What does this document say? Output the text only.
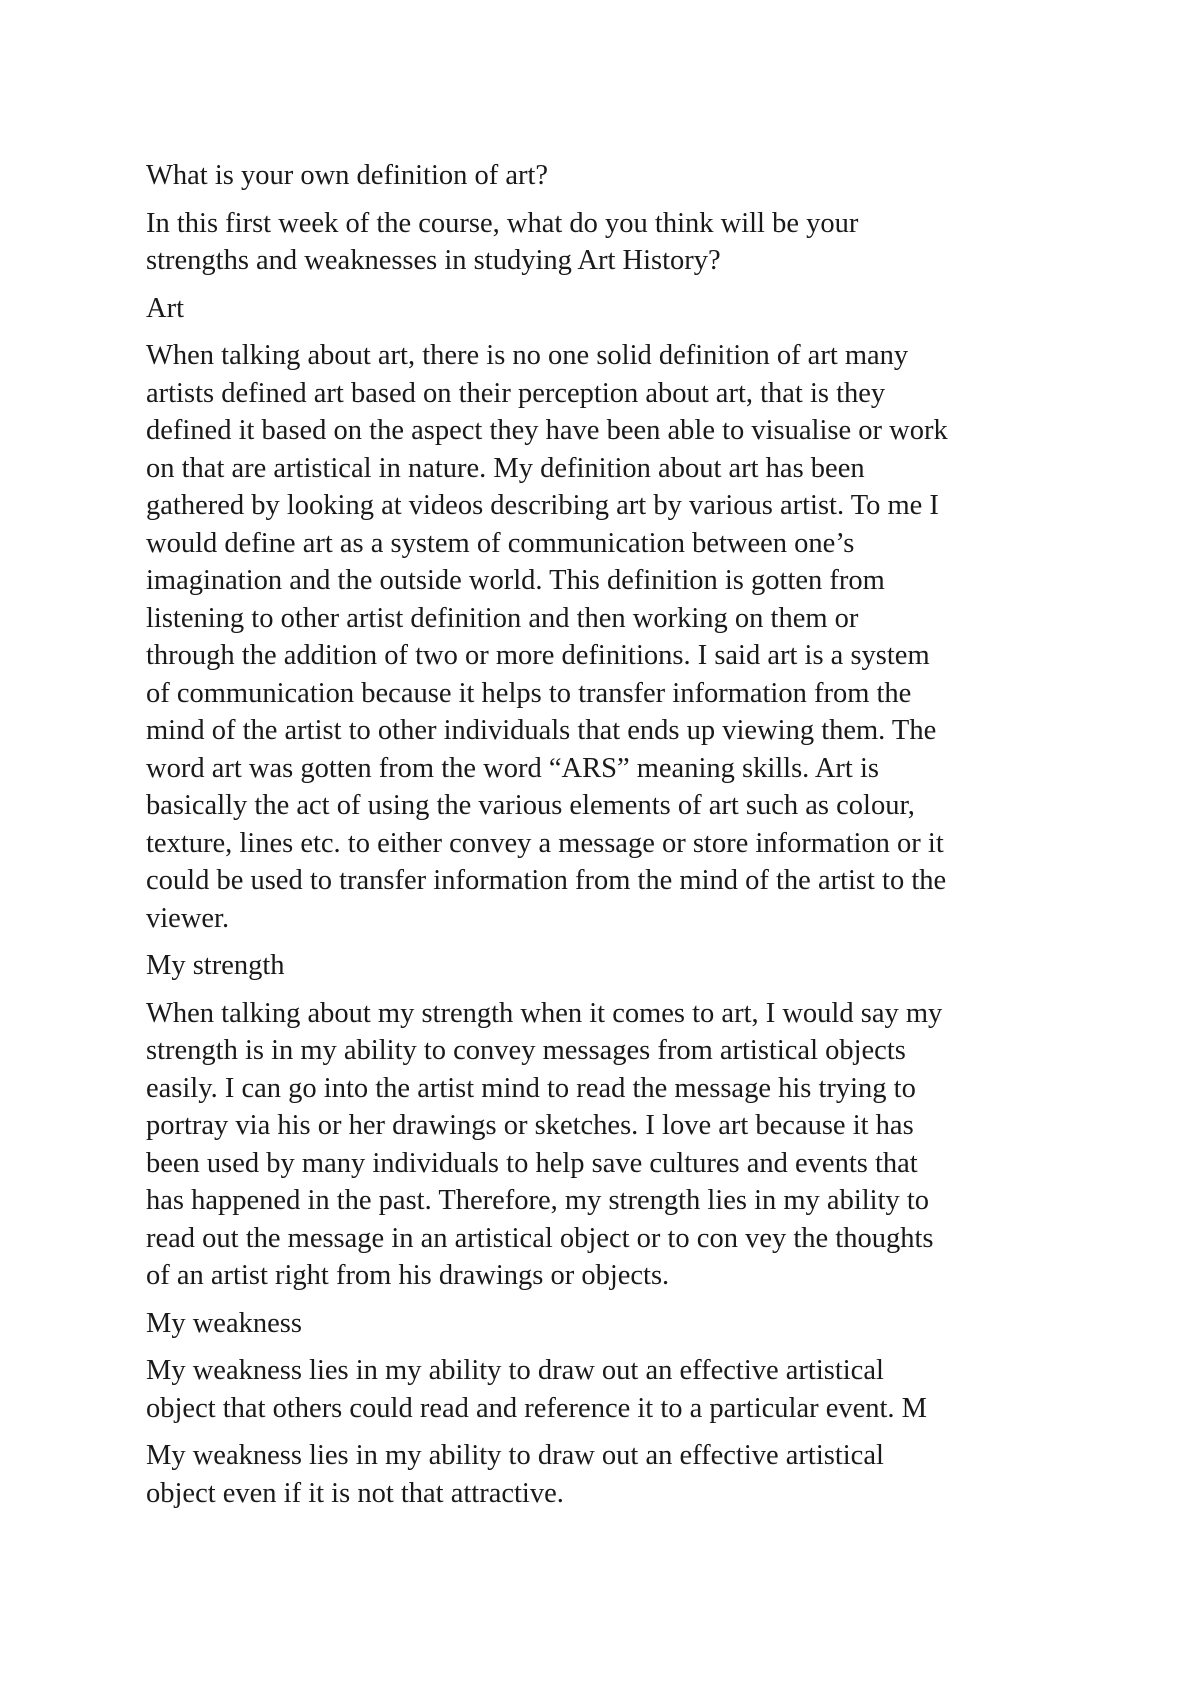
What is your own definition of art?

In this first week of the course, what do you think will be your
strengths and weaknesses in studying Art History?

Art

When talking about art, there is no one solid definition of art many
artists defined art based on their perception about art, that is they
defined it based on the aspect they have been able to visualise or work
on that are artistical in nature. My definition about art has been
gathered by looking at videos describing art by various artist. To me I
would define art as a system of communication between one’s
imagination and the outside world. This definition is gotten from
listening to other artist definition and then working on them or
through the addition of two or more definitions. I said art is a system
of communication because it helps to transfer information from the
mind of the artist to other individuals that ends up viewing them. The
word art was gotten from the word “ARS” meaning skills. Art is
basically the act of using the various elements of art such as colour,
texture, lines etc. to either convey a message or store information or it
could be used to transfer information from the mind of the artist to the
viewer.

My strength

When talking about my strength when it comes to art, I would say my
strength is in my ability to convey messages from artistical objects
easily. I can go into the artist mind to read the message his trying to
portray via his or her drawings or sketches. I love art because it has
been used by many individuals to help save cultures and events that
has happened in the past. Therefore, my strength lies in my ability to
read out the message in an artistical object or to con vey the thoughts
of an artist right from his drawings or objects.

My weakness

My weakness lies in my ability to draw out an effective artistical
object that others could read and reference it to a particular event. M

My weakness lies in my ability to draw out an effective artistical
object even if it is not that attractive.
